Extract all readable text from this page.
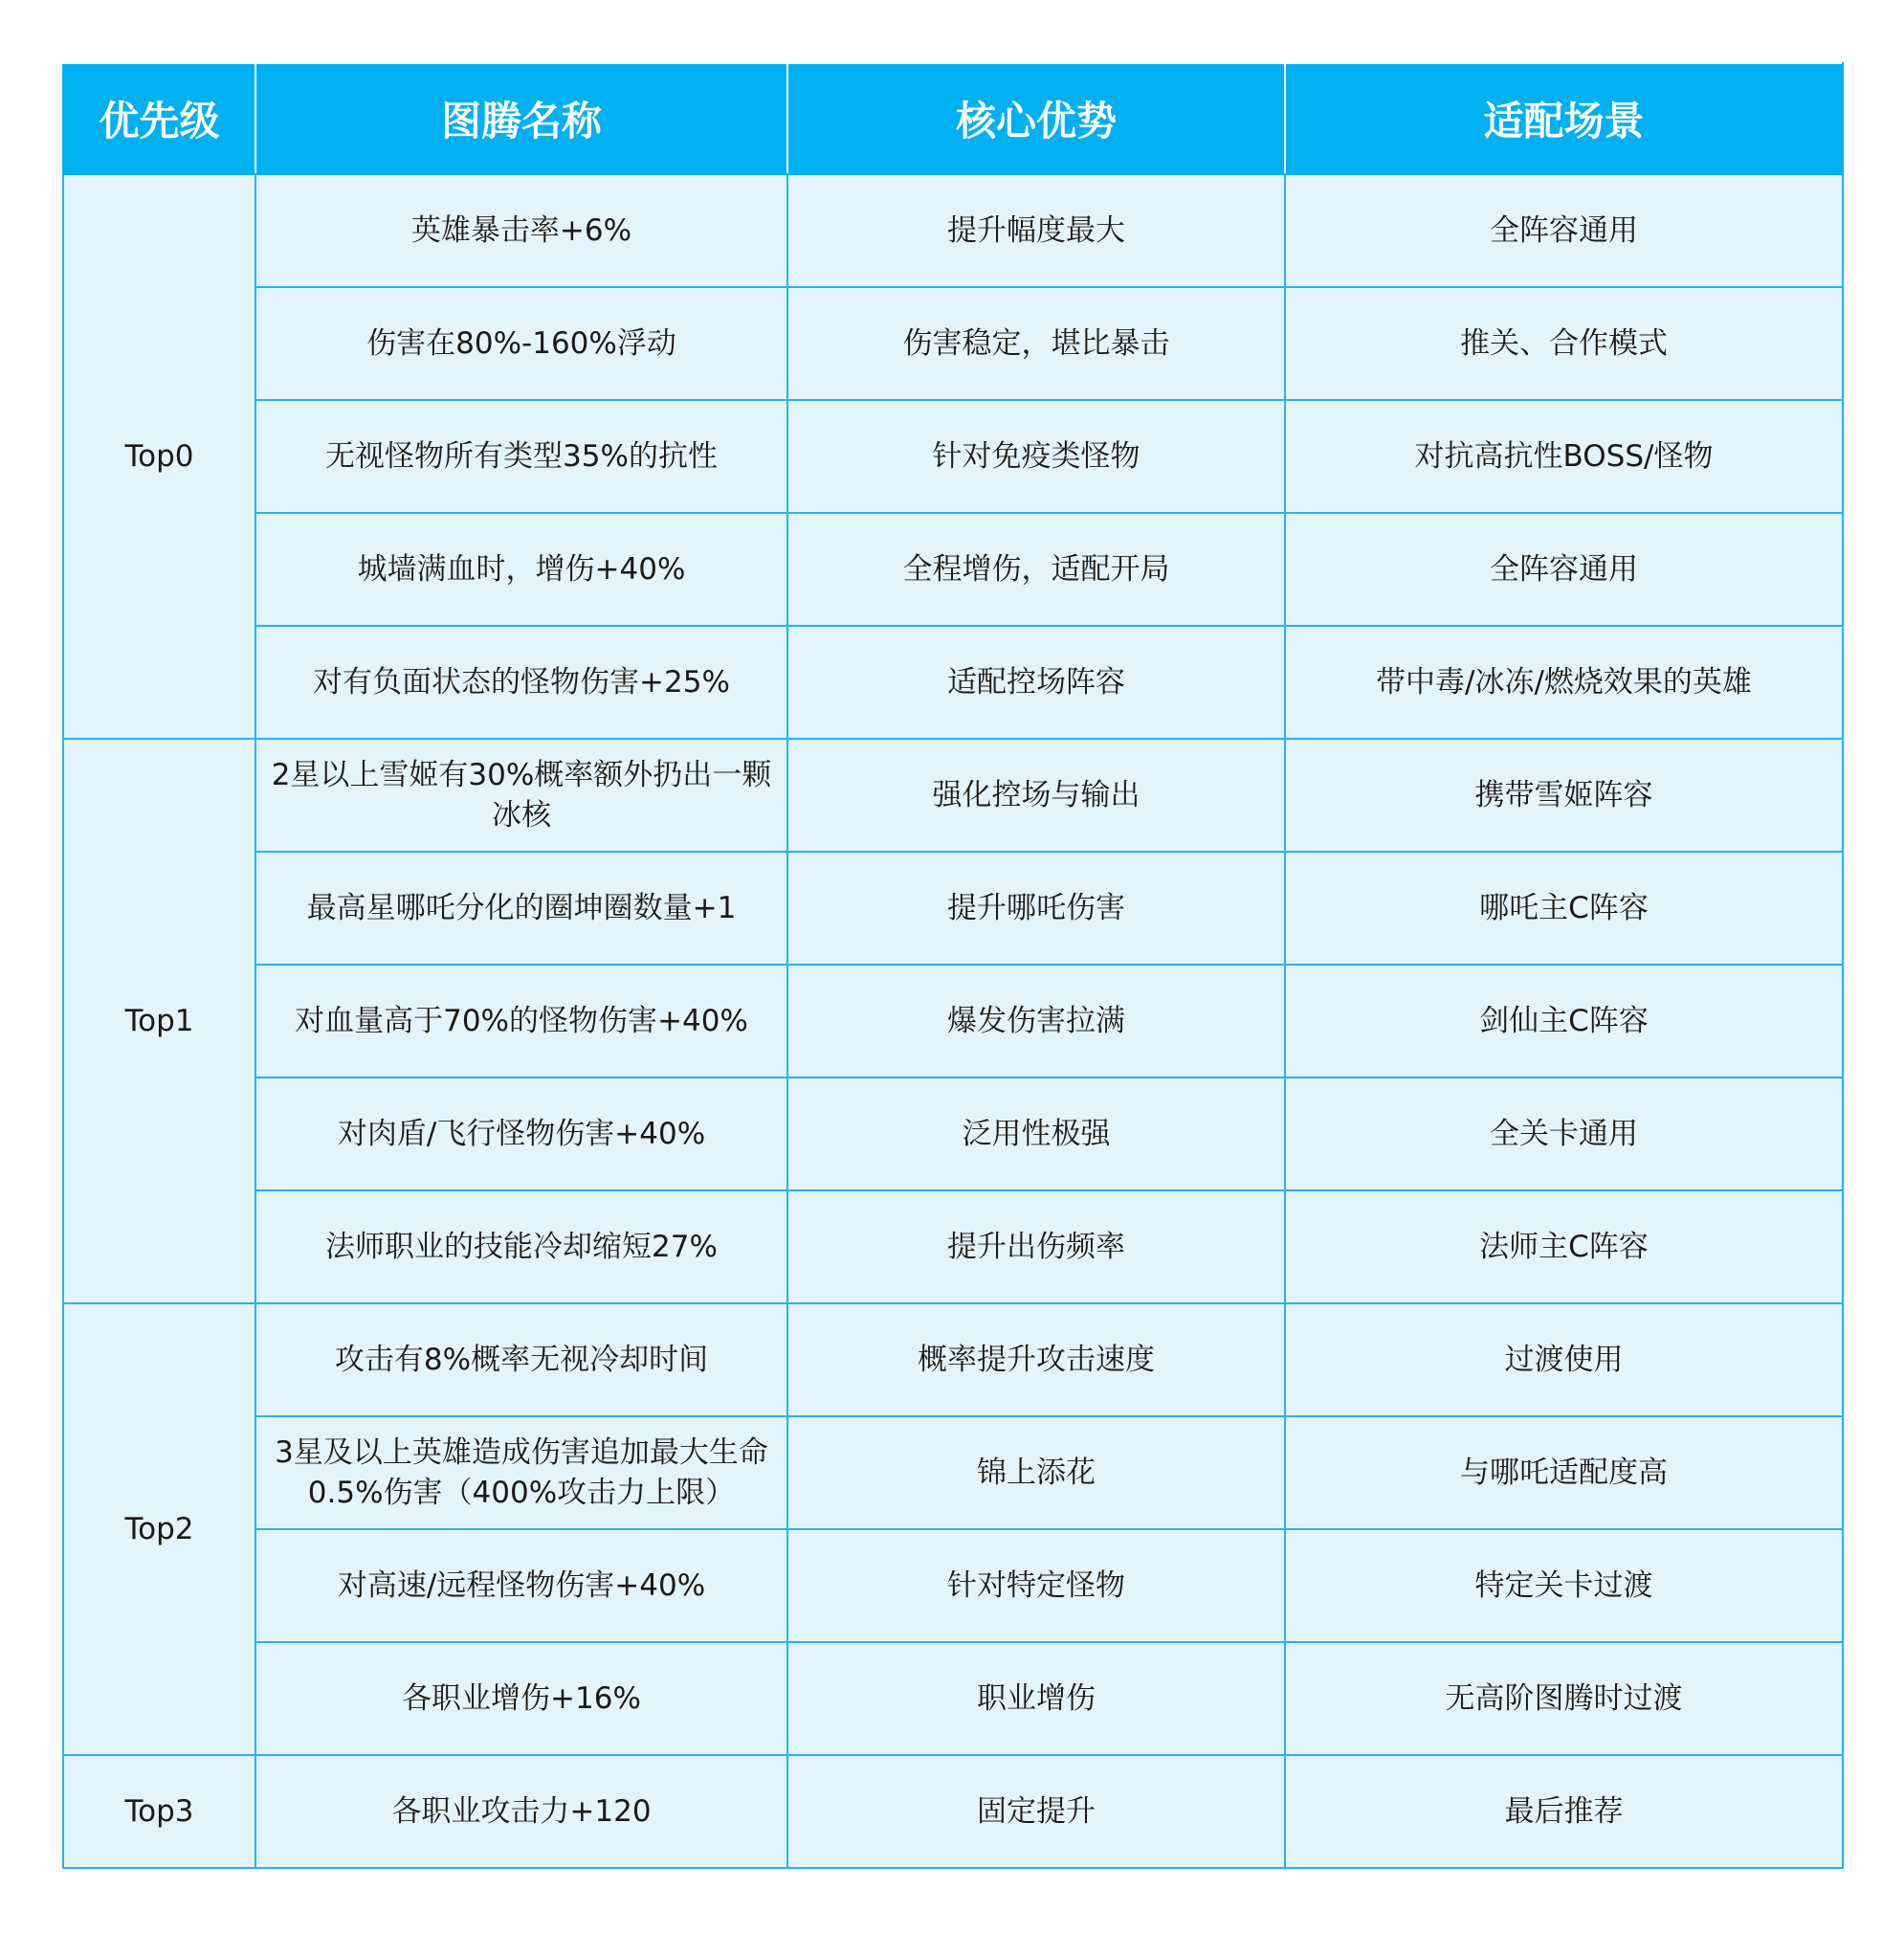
优先级	图腾名称	核心优势	适配场景
Top0	英雄暴击率+6%	提升幅度最大	全阵容通用
	伤害在80%-160%浮动	伤害稳定，堪比暴击	推关、合作模式
	无视怪物所有类型35%的抗性	针对免疫类怪物	对抗高抗性BOSS/怪物
	城墙满血时，增伤+40%	全程增伤，适配开局	全阵容通用
	对有负面状态的怪物伤害+25%	适配控场阵容	带中毒/冰冻/燃烧效果的英雄
Top1	2星以上雪姬有30%概率额外扔出一颗冰核	强化控场与输出	携带雪姬阵容
	最高星哪吒分化的圈坤圈数量+1	提升哪吒伤害	哪吒主C阵容
	对血量高于70%的怪物伤害+40%	爆发伤害拉满	剑仙主C阵容
	对肉盾/飞行怪物伤害+40%	泛用性极强	全关卡通用
	法师职业的技能冷却缩短27%	提升出伤频率	法师主C阵容
Top2	攻击有8%概率无视冷却时间	概率提升攻击速度	过渡使用
	3星及以上英雄造成伤害追加最大生命0.5%伤害（400%攻击力上限）	锦上添花	与哪吒适配度高
	对高速/远程怪物伤害+40%	针对特定怪物	特定关卡过渡
	各职业增伤+16%	职业增伤	无高阶图腾时过渡
Top3	各职业攻击力+120	固定提升	最后推荐
